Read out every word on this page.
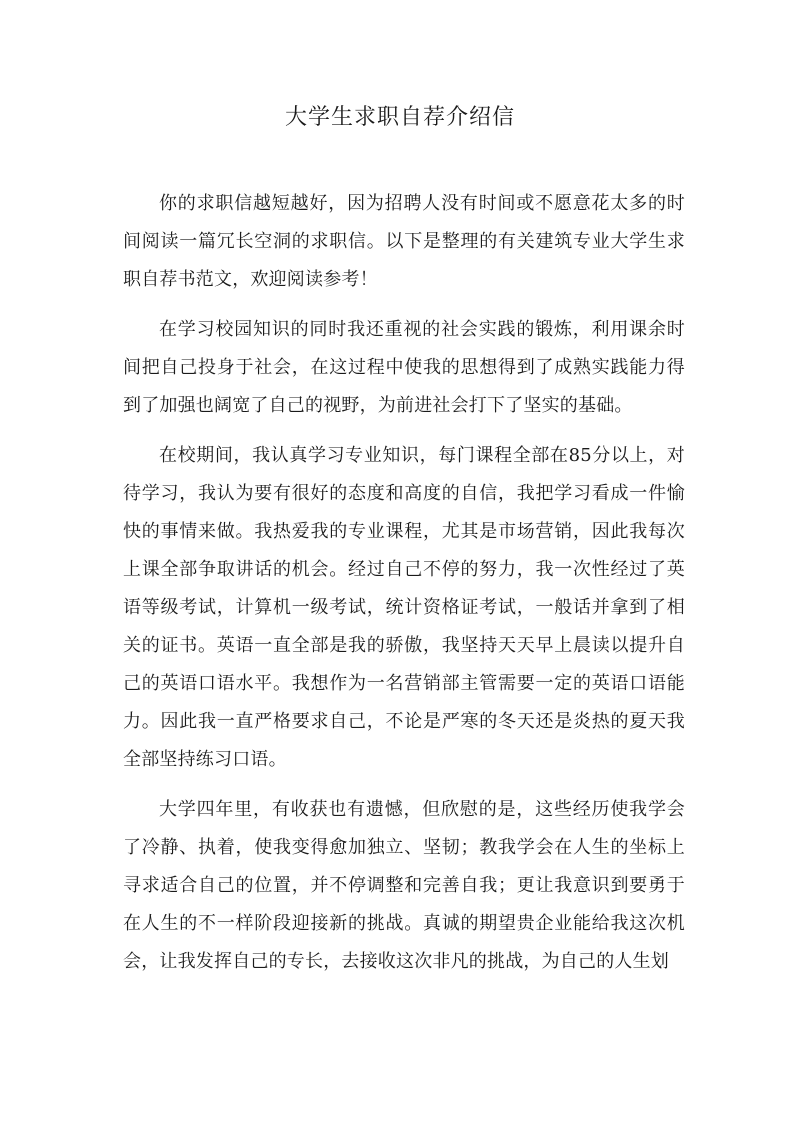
大学生求职自荐介绍信

你的求职信越短越好，因为招聘人没有时间或不愿意花太多的时间阅读一篇冗长空洞的求职信。以下是整理的有关建筑专业大学生求职自荐书范文，欢迎阅读参考！

在学习校园知识的同时我还重视的社会实践的锻炼，利用课余时间把自己投身于社会，在这过程中使我的思想得到了成熟实践能力得到了加强也阔宽了自己的视野，为前进社会打下了坚实的基础。

在校期间，我认真学习专业知识，每门课程全部在85分以上，对待学习，我认为要有很好的态度和高度的自信，我把学习看成一件愉快的事情来做。我热爱我的专业课程，尤其是市场营销，因此我每次上课全部争取讲话的机会。经过自己不停的努力，我一次性经过了英语等级考试，计算机一级考试，统计资格证考试，一般话并拿到了相关的证书。英语一直全部是我的骄傲，我坚持天天早上晨读以提升自己的英语口语水平。我想作为一名营销部主管需要一定的英语口语能力。因此我一直严格要求自己，不论是严寒的冬天还是炎热的夏天我全部坚持练习口语。

大学四年里，有收获也有遗憾，但欣慰的是，这些经历使我学会了冷静、执着，使我变得愈加独立、坚韧；教我学会在人生的坐标上寻求适合自己的位置，并不停调整和完善自我；更让我意识到要勇于在人生的不一样阶段迎接新的挑战。真诚的期望贵企业能给我这次机会，让我发挥自己的专长，去接收这次非凡的挑战，为自己的人生划
